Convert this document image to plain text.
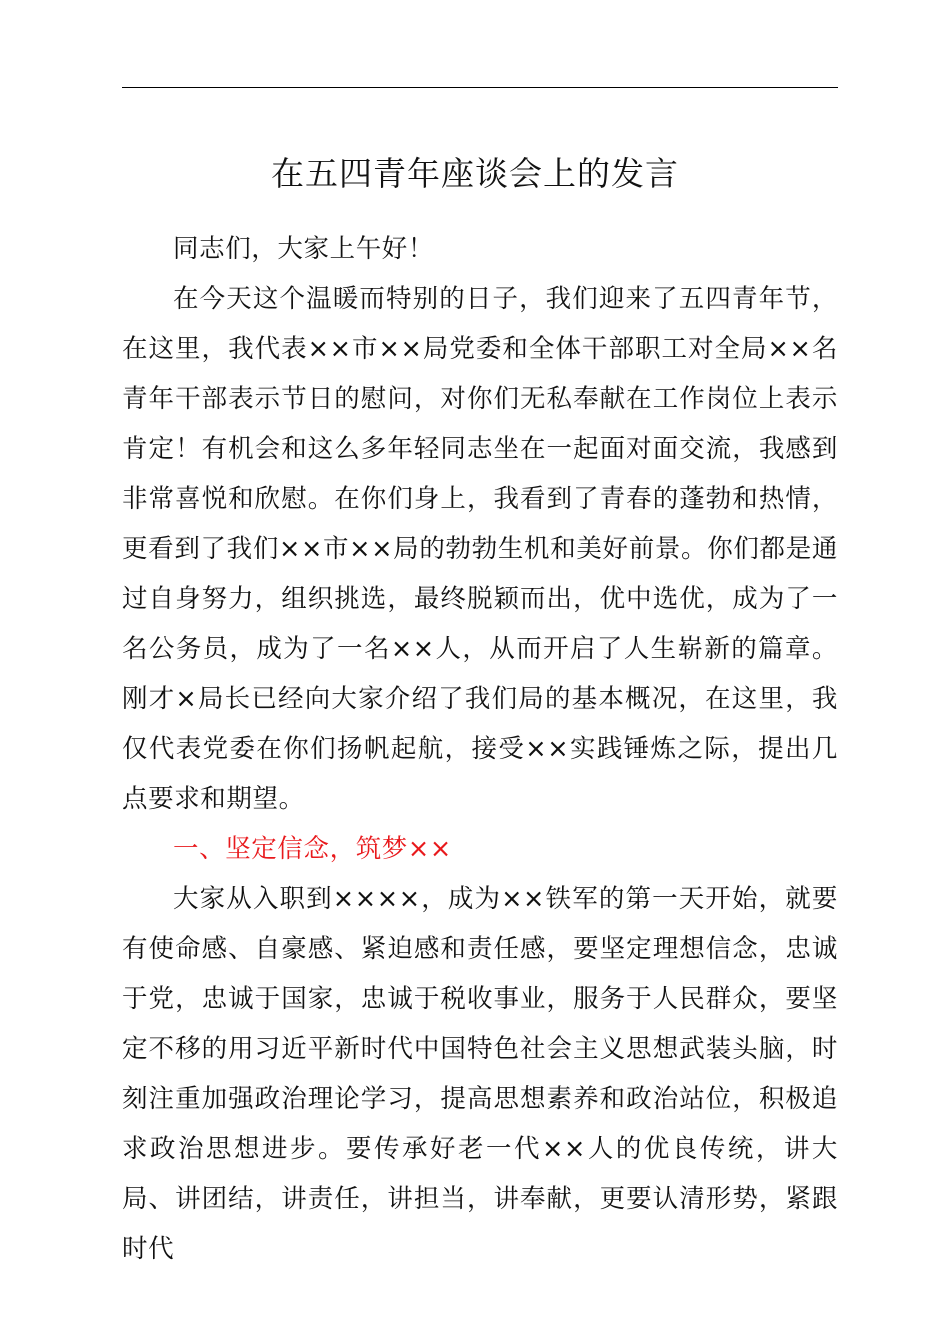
在五四青年座谈会上的发言

同志们，大家上午好！

在今天这个温暖而特别的日子，我们迎来了五四青年节，在这里，我代表××市××局党委和全体干部职工对全局××名青年干部表示节日的慰问，对你们无私奉献在工作岗位上表示肯定！有机会和这么多年轻同志坐在一起面对面交流，我感到非常喜悦和欣慰。在你们身上，我看到了青春的蓬勃和热情，更看到了我们××市××局的勃勃生机和美好前景。你们都是通过自身努力，组织挑选，最终脱颖而出，优中选优，成为了一名公务员，成为了一名××人，从而开启了人生崭新的篇章。刚才×局长已经向大家介绍了我们局的基本概况，在这里，我仅代表党委在你们扬帆起航，接受××实践锤炼之际，提出几点要求和期望。

一、坚定信念，筑梦××

大家从入职到××××，成为××铁军的第一天开始，就要有使命感、自豪感、紧迫感和责任感，要坚定理想信念，忠诚于党，忠诚于国家，忠诚于税收事业，服务于人民群众，要坚定不移的用习近平新时代中国特色社会主义思想武装头脑，时刻注重加强政治理论学习，提高思想素养和政治站位，积极追求政治思想进步。要传承好老一代××人的优良传统，讲大局、讲团结，讲责任，讲担当，讲奉献，更要认清形势，紧跟时代
